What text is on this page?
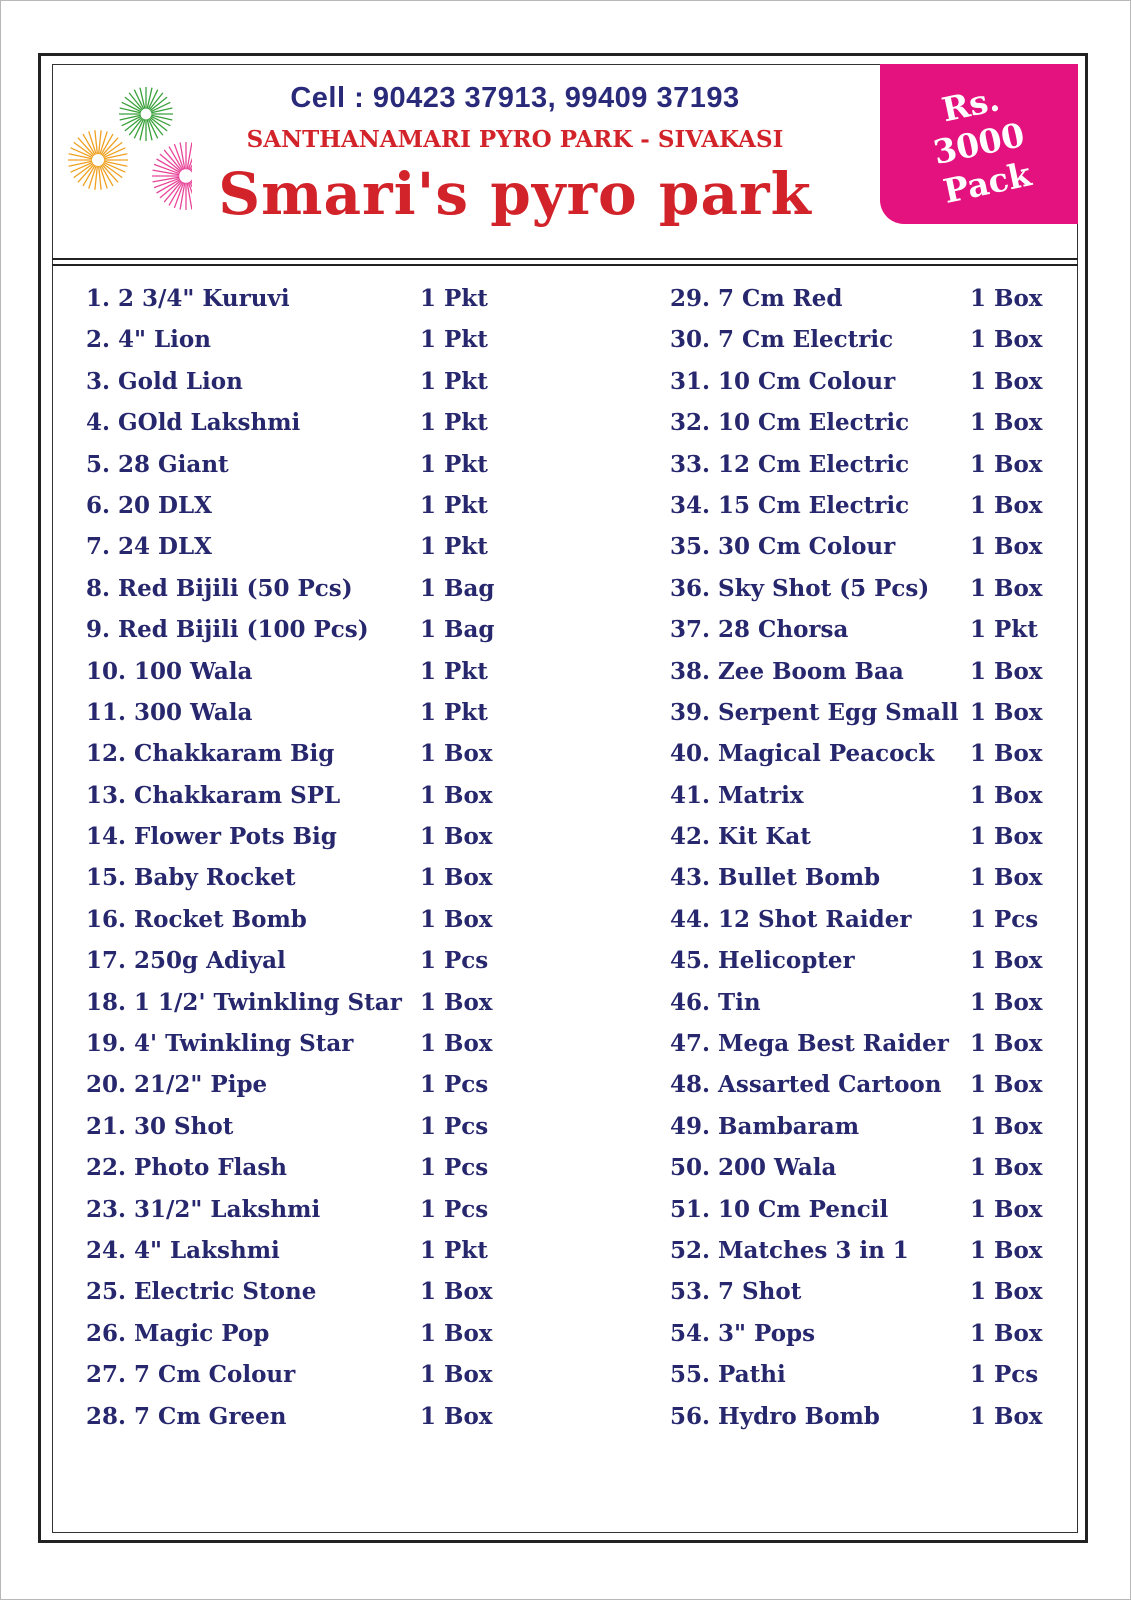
Cell : 90423 37913, 99409 37193
SANTHANAMARI PYRO PARK - SIVAKASI
Smari's pyro park
Rs.
3000
Pack
1. 2 3/4" Kuruvi	1 Pkt
2. 4" Lion	1 Pkt
3. Gold Lion	1 Pkt
4. GOld Lakshmi	1 Pkt
5. 28 Giant	1 Pkt
6. 20 DLX	1 Pkt
7. 24 DLX	1 Pkt
8. Red Bijili (50 Pcs)	1 Bag
9. Red Bijili (100 Pcs) 1 Bag
10. 100 Wala	1 Pkt
11. 300 Wala	1 Pkt
12. Chakkaram Big	1 Box
13. Chakkaram SPL	1 Box
14. Flower Pots Big	1 Box
15. Baby Rocket	1 Box
16. Rocket Bomb	1 Box
17. 250g Adiyal	1 Pcs
18. 1 1/2' Twinkling Star 1 Box
19. 4' Twinkling Star	1 Box
20. 21/2" Pipe	1 Pcs
21. 30 Shot	1 Pcs
22. Photo Flash	1 Pcs
23. 31/2" Lakshmi	1 Pcs
24. 4" Lakshmi	1 Pkt
25. Electric Stone	1 Box
26. Magic Pop	1 Box
27. 7 Cm Colour	1 Box
28. 7 Cm Green	1 Box
29. 7 Cm Red	1 Box
30. 7 Cm Electric	1 Box
31. 10 Cm Colour	1 Box
32. 10 Cm Electric	1 Box
33. 12 Cm Electric	1 Box
34. 15 Cm Electric	1 Box
35. 30 Cm Colour	1 Box
36. Sky Shot (5 Pcs) 1 Box
37. 28 Chorsa	1 Pkt
38. Zee Boom Baa	1 Box
39. Serpent Egg Small 1 Box
40. Magical Peacock 1 Box
41. Matrix	1 Box
42. Kit Kat	1 Box
43. Bullet Bomb	1 Box
44. 12 Shot Raider	1 Pcs
45. Helicopter	1 Box
46. Tin	1 Box
47. Mega Best Raider 1 Box
48. Assarted Cartoon 1 Box
49. Bambaram	1 Box
50. 200 Wala	1 Box
51. 10 Cm Pencil	1 Box
52. Matches 3 in 1	1 Box
53. 7 Shot	1 Box
54. 3" Pops	1 Box
55. Pathi	1 Pcs
56. Hydro Bomb	1 Box
